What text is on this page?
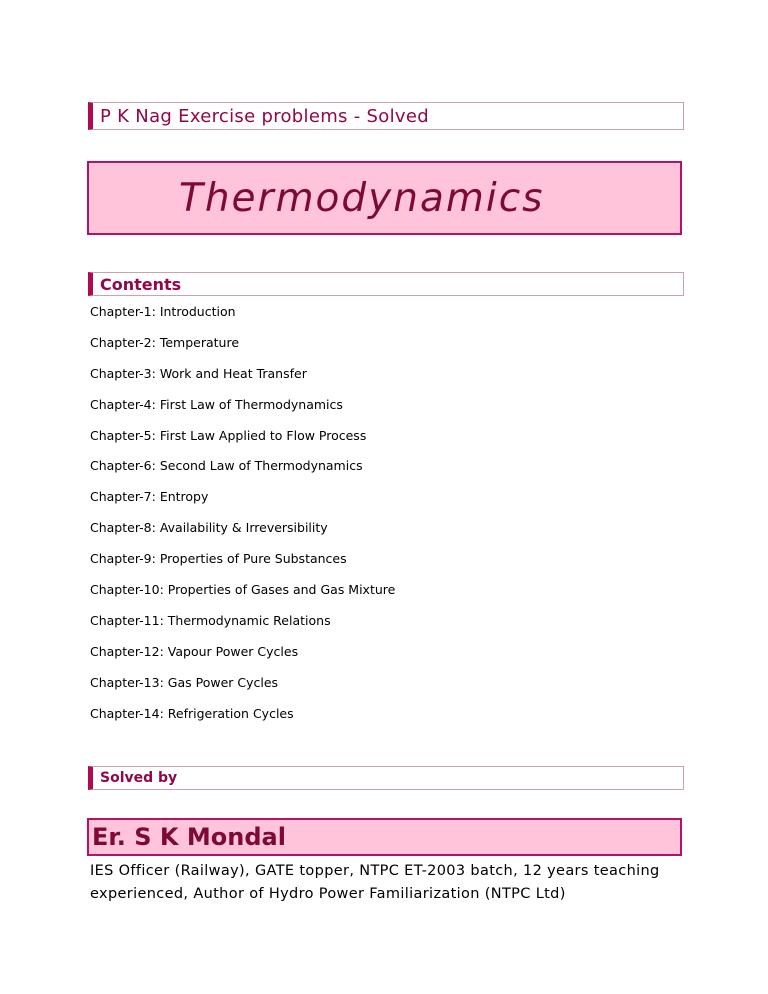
P K Nag Exercise problems - Solved
Thermodynamics
Contents
Chapter-1: Introduction
Chapter-2: Temperature
Chapter-3: Work and Heat Transfer
Chapter-4: First Law of Thermodynamics
Chapter-5: First Law Applied to Flow Process
Chapter-6: Second Law of Thermodynamics
Chapter-7: Entropy
Chapter-8: Availability & Irreversibility
Chapter-9: Properties of Pure Substances
Chapter-10: Properties of Gases and Gas Mixture
Chapter-11: Thermodynamic Relations
Chapter-12: Vapour Power Cycles
Chapter-13: Gas Power Cycles
Chapter-14: Refrigeration Cycles
Solved by
Er. S K Mondal

IES Officer (Railway), GATE topper, NTPC ET-2003 batch, 12 years teaching experienced, Author of Hydro Power Familiarization (NTPC Ltd)
